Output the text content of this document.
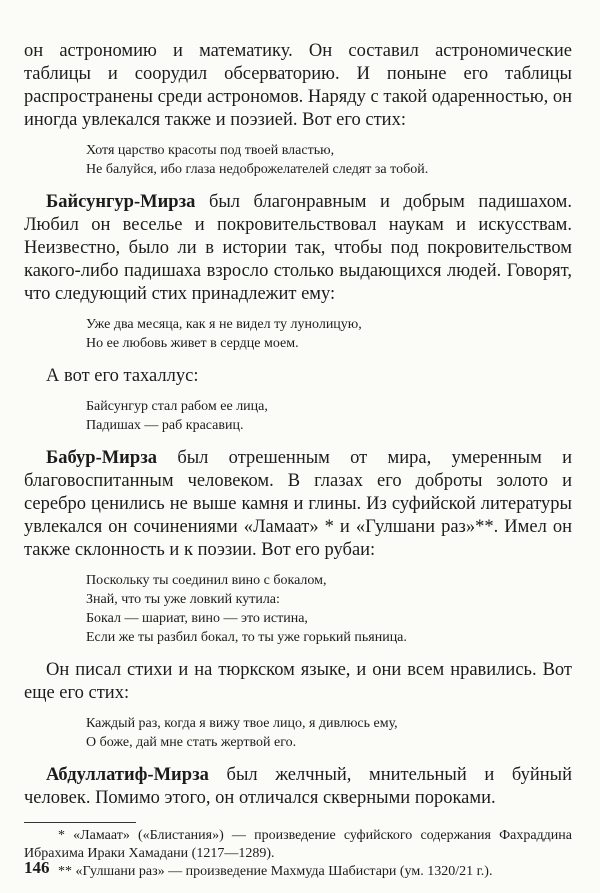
он астрономию и математику. Он составил астрономические таблицы и соорудил обсерваторию. И поныне его таблицы распространены среди астрономов. Наряду с такой одаренностью, он иногда увлекался также и поэзией. Вот его стих:

Хотя царство красоты под твоей властью,
Не балуйся, ибо глаза недоброжелателей следят за тобой.

Байсунгур-Мирза был благонравным и добрым падишахом. Любил он веселье и покровительствовал наукам и искусствам. Неизвестно, было ли в истории так, чтобы под покровительством какого-либо падишаха взросло столько выдающихся людей. Говорят, что следующий стих принадлежит ему:

Уже два месяца, как я не видел ту лунолицую,
Но ее любовь живет в сердце моем.

А вот его тахаллус:

Байсунгур стал рабом ее лица,
Падишах — раб красавиц.

Бабур-Мирза был отрешенным от мира, умеренным и благовоспитанным человеком. В глазах его доброты золото и серебро ценились не выше камня и глины. Из суфийской литературы увлекался он сочинениями «Ламаат» * и «Гулшани раз»**. Имел он также склонность и к поэзии. Вот его рубаи:

Поскольку ты соединил вино с бокалом,
Знай, что ты уже ловкий кутила:
Бокал — шариат, вино — это истина,
Если же ты разбил бокал, то ты уже горький пьяница.

Он писал стихи и на тюркском языке, и они всем нравились. Вот еще его стих:

Каждый раз, когда я вижу твое лицо, я дивлюсь ему,
О боже, дай мне стать жертвой его.

Абдуллатиф-Мирза был желчный, мнительный и буйный человек. Помимо этого, он отличался скверными пороками.

* «Ламаат» («Блистания») — произведение суфийского содержания Фахраддина Ибрахима Ираки Хамадани (1217—1289).

** «Гулшани раз» — произведение Махмуда Шабистари (ум. 1320/21 г.).

146
